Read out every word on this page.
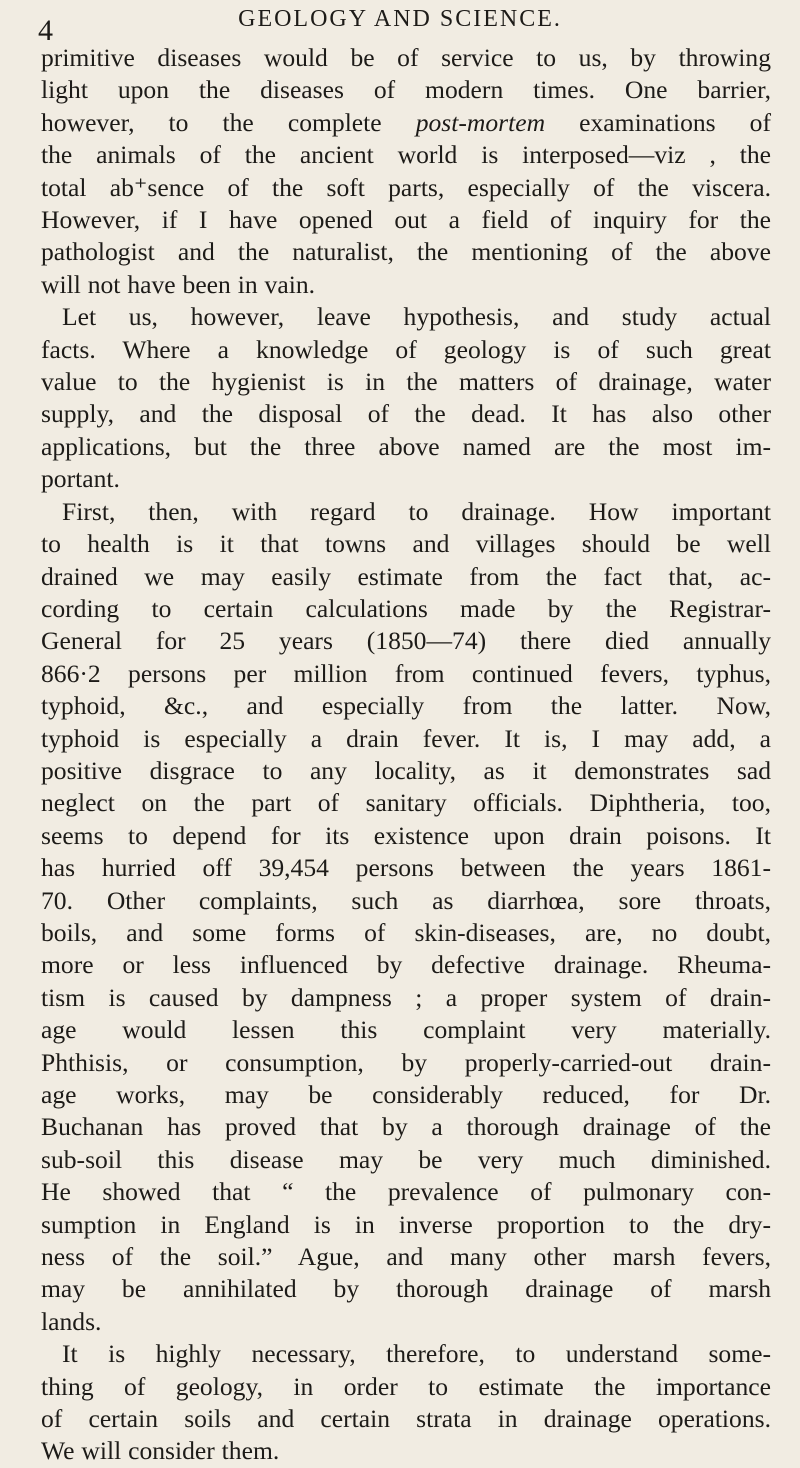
4	GEOLOGY AND SCIENCE.

primitive diseases would be of service to us, by throwing
light upon the diseases of modern times. One barrier,
however, to the complete post-mortem examinations of
the animals of the ancient world is interposed—viz , the
total ab⁺sence of the soft parts, especially of the viscera.
However, if I have opened out a field of inquiry for the
pathologist and the naturalist, the mentioning of the above
will not have been in vain.

Let us, however, leave hypothesis, and study actual
facts. Where a knowledge of geology is of such great
value to the hygienist is in the matters of drainage, water
supply, and the disposal of the dead. It has also other
applications, but the three above named are the most im-
portant.

First, then, with regard to drainage. How important
to health is it that towns and villages should be well
drained we may easily estimate from the fact that, ac-
cording to certain calculations made by the Registrar-
General for 25 years (1850—74) there died annually
866·2 persons per million from continued fevers, typhus,
typhoid, &c., and especially from the latter. Now,
typhoid is especially a drain fever. It is, I may add, a
positive disgrace to any locality, as it demonstrates sad
neglect on the part of sanitary officials. Diphtheria, too,
seems to depend for its existence upon drain poisons. It
has hurried off 39,454 persons between the years 1861-
70. Other complaints, such as diarrhœa, sore throats,
boils, and some forms of skin-diseases, are, no doubt,
more or less influenced by defective drainage. Rheuma-
tism is caused by dampness ; a proper system of drain-
age would lessen this complaint very materially.
Phthisis, or consumption, by properly-carried-out drain-
age works, may be considerably reduced, for Dr.
Buchanan has proved that by a thorough drainage of the
sub-soil this disease may be very much diminished.
He showed that “ the prevalence of pulmonary con-
sumption in England is in inverse proportion to the dry-
ness of the soil.” Ague, and many other marsh fevers,
may be annihilated by thorough drainage of marsh
lands.

It is highly necessary, therefore, to understand some-
thing of geology, in order to estimate the importance
of certain soils and certain strata in drainage operations.
We will consider them.
